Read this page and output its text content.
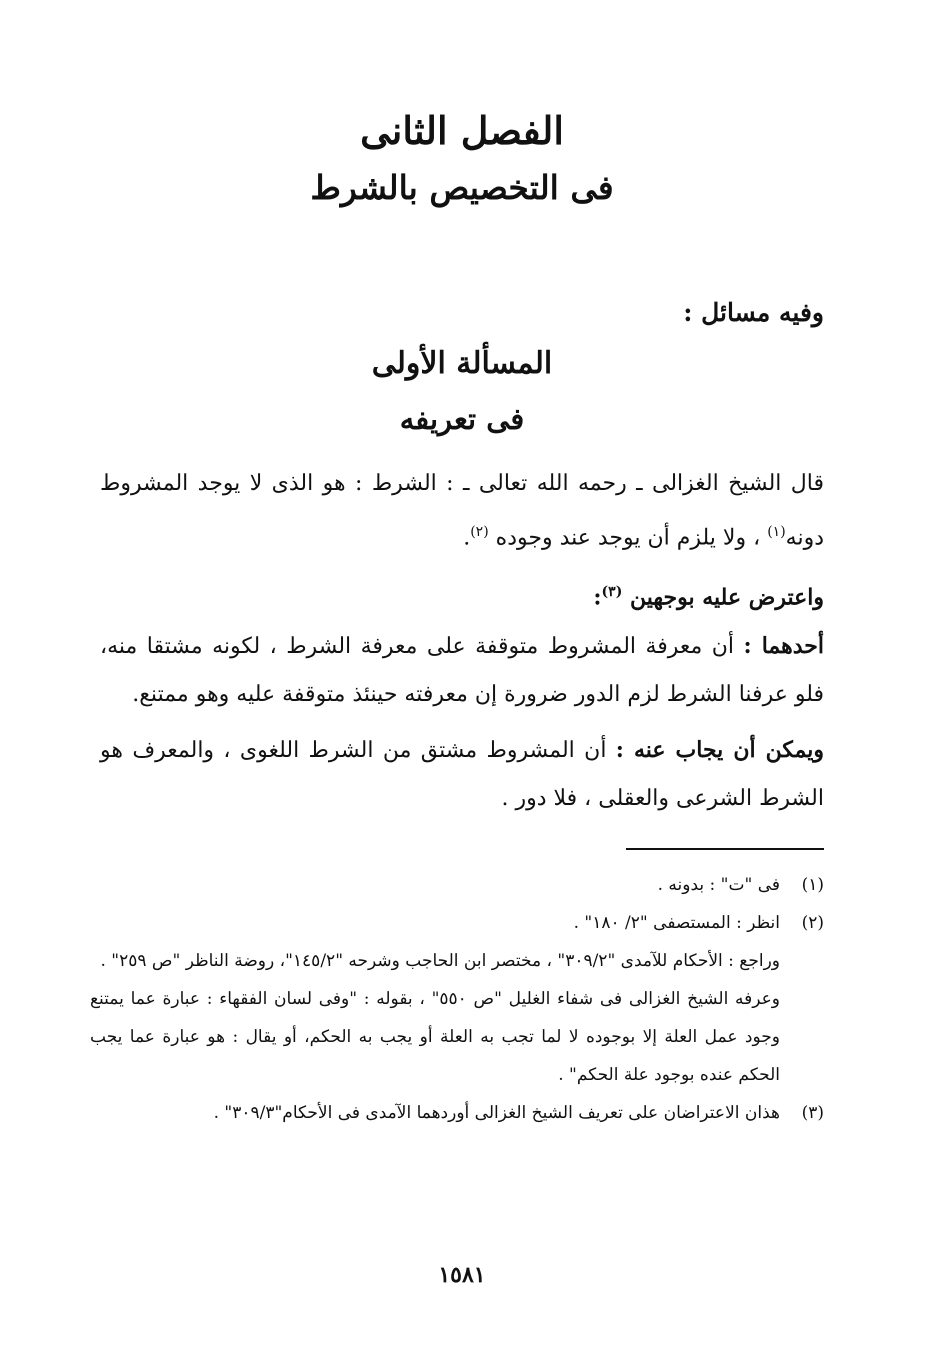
الفصل الثانى
فى التخصيص بالشرط
وفيه مسائل :
المسألة الأولى
فى تعريفه
قال الشيخ الغزالى ـ رحمه الله تعالى ـ : الشرط : هو الذى لا يوجد المشروط دونه$^{(١)}$ ، ولا يلزم أن يوجد عند وجوده $^{(٢)}$.
واعترض عليه بوجهين $^{(٣)}$:
أحدهما : أن معرفة المشروط متوقفة على معرفة الشرط ، لكونه مشتقا منه، فلو عرفنا الشرط لزم الدور ضرورة إن معرفته حينئذ متوقفة عليه وهو ممتنع.
ويمكن أن يجاب عنه : أن المشروط مشتق من الشرط اللغوى ، والمعرف هو الشرط الشرعى والعقلى ، فلا دور .
(١)
فى "ت" : بدونه .
(٢)
انظر : المستصفى "٢/ ١٨٠" .
وراجع : الأحكام للآمدى "٣٠٩/٢" ، مختصر ابن الحاجب وشرحه "١٤٥/٢"، روضة الناظر "ص ٢٥٩" .
وعرفه الشيخ الغزالى فى شفاء الغليل "ص ٥٥٠" ، بقوله : "وفى لسان الفقهاء : عبارة عما يمتنع وجود عمل العلة إلا بوجوده لا لما تجب به العلة أو يجب به الحكم، أو يقال : هو عبارة عما يجب الحكم عنده بوجود علة الحكم" .
(٣)
هذان الاعتراضان على تعريف الشيخ الغزالى أوردهما الآمدى فى الأحكام"٣٠٩/٣" .
١٥٨١
